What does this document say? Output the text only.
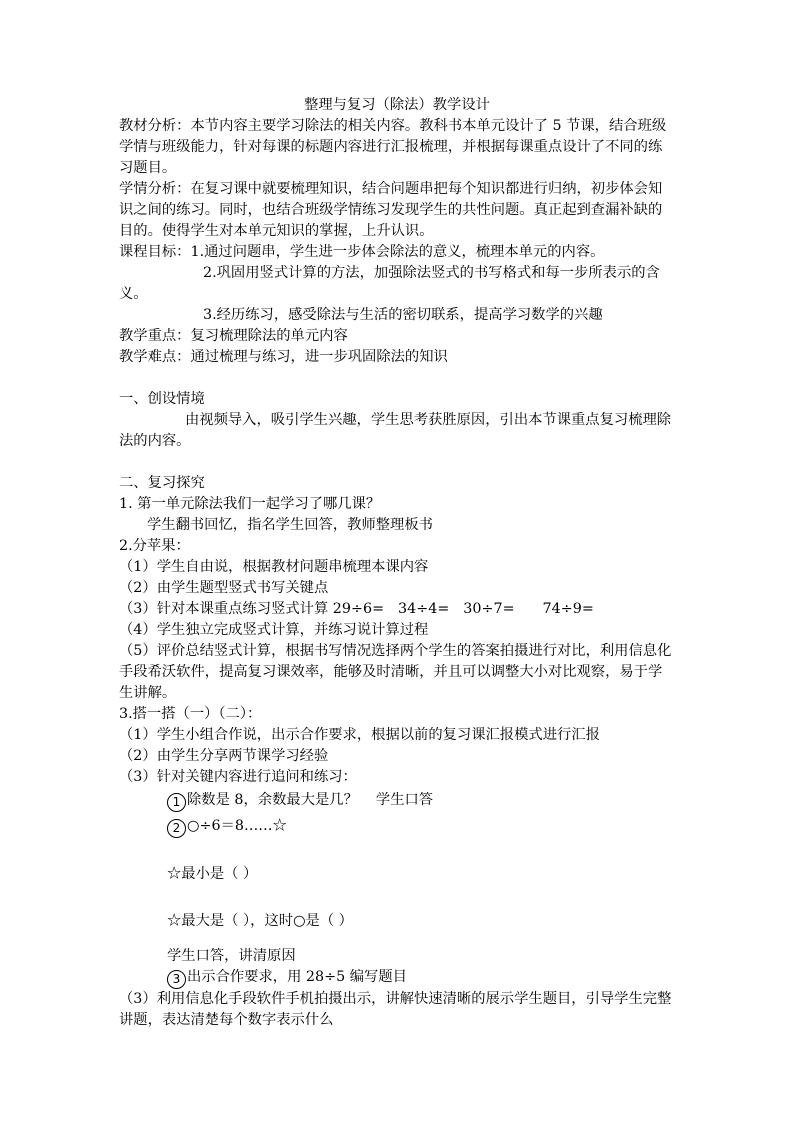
整理与复习（除法）教学设计

教材分析：本节内容主要学习除法的相关内容。教科书本单元设计了 5 节课，结合班级学情与班级能力，针对每课的标题内容进行汇报梳理，并根据每课重点设计了不同的练习题目。

学情分析：在复习课中就要梳理知识，结合问题串把每个知识都进行归纳，初步体会知识之间的练习。同时，也结合班级学情练习发现学生的共性问题。真正起到查漏补缺的目的。使得学生对本单元知识的掌握，上升认识。

课程目标：1.通过问题串，学生进一步体会除法的意义，梳理本单元的内容。

2.巩固用竖式计算的方法，加强除法竖式的书写格式和每一步所表示的含义。

3.经历练习，感受除法与生活的密切联系，提高学习数学的兴趣

教学重点：复习梳理除法的单元内容

教学难点：通过梳理与练习，进一步巩固除法的知识

一、创设情境

由视频导入，吸引学生兴趣，学生思考获胜原因，引出本节课重点复习梳理除法的内容。

二、复习探究

1. 第一单元除法我们一起学习了哪几课？

学生翻书回忆，指名学生回答，教师整理板书

2.分苹果：

（1）学生自由说，根据教材问题串梳理本课内容

（2）由学生题型竖式书写关键点

（3）针对本课重点练习竖式计算 29÷6= 34÷4= 30÷7= 74÷9=

（4）学生独立完成竖式计算，并练习说计算过程

（5）评价总结竖式计算，根据书写情况选择两个学生的答案拍摄进行对比，利用信息化手段希沃软件，提高复习课效率，能够及时清晰，并且可以调整大小对比观察，易于学生讲解。

3.搭一搭（一）（二）：

（1）学生小组合作说，出示合作要求，根据以前的复习课汇报模式进行汇报

（2）由学生分享两节课学习经验

（3）针对关键内容进行追问和练习：

1 除数是 8，余数最大是几？ 学生口答

2 ○÷6＝8……☆

☆最小是（ ）

☆最大是（ ），这时○是（ ）

学生口答，讲清原因

3 出示合作要求，用 28÷5 编写题目

（3）利用信息化手段软件手机拍摄出示，讲解快速清晰的展示学生题目，引导学生完整讲题，表达清楚每个数字表示什么
